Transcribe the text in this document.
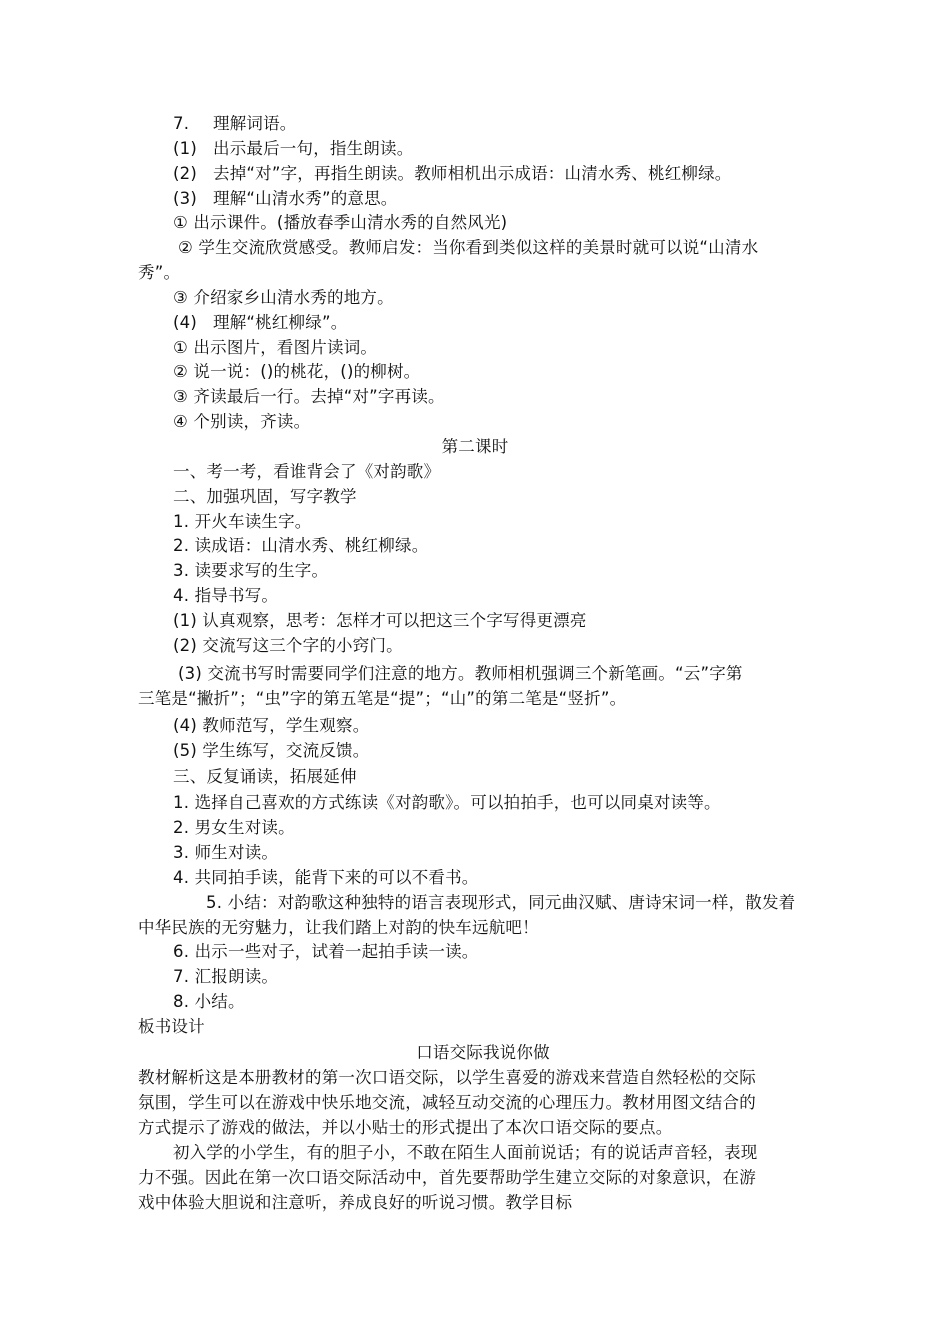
7. 理解词语。
(1) 出示最后一句，指生朗读。
(2) 去掉“对”字，再指生朗读。教师相机出示成语：山清水秀、桃红柳绿。
(3) 理解“山清水秀”的意思。
① 出示课件。(播放春季山清水秀的自然风光)
② 学生交流欣赏感受。教师启发：当你看到类似这样的美景时就可以说“山清水
秀”。
③ 介绍家乡山清水秀的地方。
(4) 理解“桃红柳绿”。
① 出示图片，看图片读词。
② 说一说：()的桃花，()的柳树。
③ 齐读最后一行。去掉“对”字再读。
④ 个别读，齐读。
第二课时
一、考一考，看谁背会了《对韵歌》
二、加强巩固，写字教学
1. 开火车读生字。
2. 读成语：山清水秀、桃红柳绿。
3. 读要求写的生字。
4. 指导书写。
(1) 认真观察，思考：怎样才可以把这三个字写得更漂亮
(2) 交流写这三个字的小窍门。
(3) 交流书写时需要同学们注意的地方。教师相机强调三个新笔画。“云”字第
三笔是“撇折”；“虫”字的第五笔是“提”；“山”的第二笔是“竖折”。
(4) 教师范写，学生观察。
(5) 学生练写，交流反馈。
三、反复诵读，拓展延伸
1. 选择自己喜欢的方式练读《对韵歌》。可以拍拍手，也可以同桌对读等。
2. 男女生对读。
3. 师生对读。
4. 共同拍手读，能背下来的可以不看书。
5. 小结：对韵歌这种独特的语言表现形式，同元曲汉赋、唐诗宋词一样，散发着
中华民族的无穷魅力，让我们踏上对韵的快车远航吧！
6. 出示一些对子，试着一起拍手读一读。
7. 汇报朗读。
8. 小结。
板书设计
口语交际我说你做
教材解析这是本册教材的第一次口语交际，以学生喜爱的游戏来营造自然轻松的交际
氛围，学生可以在游戏中快乐地交流，减轻互动交流的心理压力。教材用图文结合的
方式提示了游戏的做法，并以小贴士的形式提出了本次口语交际的要点。
初入学的小学生，有的胆子小，不敢在陌生人面前说话；有的说话声音轻，表现
力不强。因此在第一次口语交际活动中，首先要帮助学生建立交际的对象意识，在游
戏中体验大胆说和注意听，养成良好的听说习惯。教学目标
